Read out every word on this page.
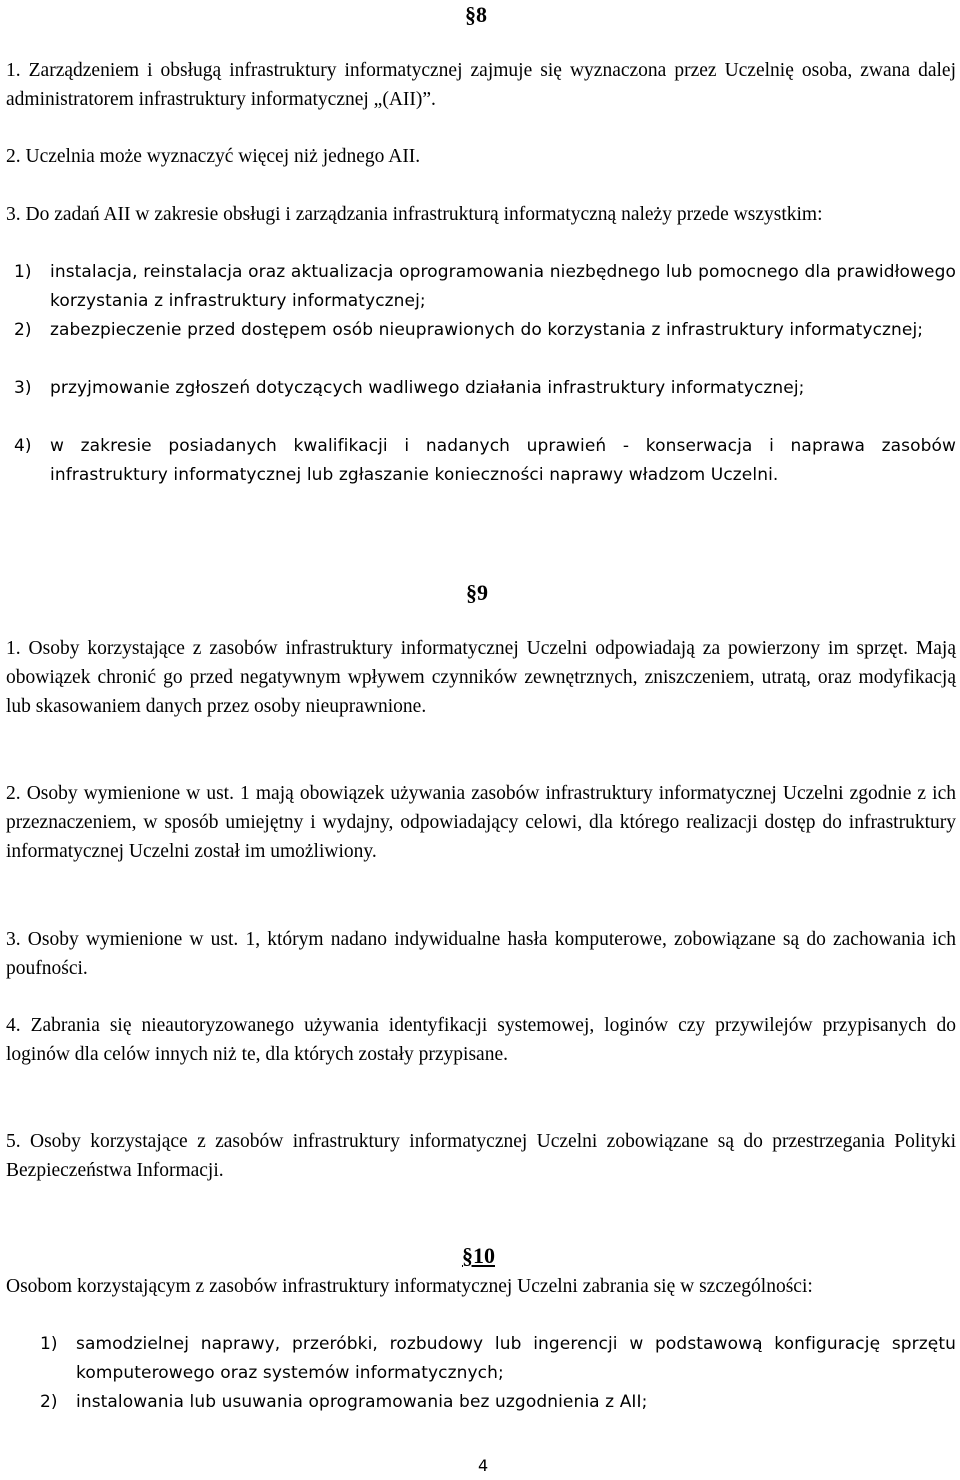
§8
1. Zarządzeniem i obsługą infrastruktury informatycznej zajmuje się wyznaczona przez Uczelnię osoba, zwana dalej administratorem infrastruktury informatycznej „(AII)”.
2. Uczelnia może wyznaczyć więcej niż jednego AII.
3. Do zadań AII w zakresie obsługi i zarządzania infrastrukturą informatyczną należy przede wszystkim:
1) instalacja, reinstalacja oraz aktualizacja oprogramowania niezbędnego lub pomocnego dla prawidłowego korzystania z infrastruktury informatycznej;
2) zabezpieczenie przed dostępem osób nieuprawionych do korzystania z infrastruktury informatycznej;
3) przyjmowanie zgłoszeń dotyczących wadliwego działania infrastruktury informatycznej;
4) w zakresie posiadanych kwalifikacji i nadanych uprawień - konserwacja i naprawa zasobów infrastruktury informatycznej lub zgłaszanie konieczności naprawy władzom Uczelni.
§9
1. Osoby korzystające z zasobów infrastruktury informatycznej Uczelni odpowiadają za powierzony im sprzęt. Mają obowiązek chronić go przed negatywnym wpływem czynników zewnętrznych, zniszczeniem, utratą, oraz modyfikacją lub skasowaniem danych przez osoby nieuprawnione.
2. Osoby wymienione w ust. 1 mają obowiązek używania zasobów infrastruktury informatycznej Uczelni zgodnie z ich przeznaczeniem, w sposób umiejętny i wydajny, odpowiadający celowi, dla którego realizacji dostęp do infrastruktury informatycznej Uczelni został im umożliwiony.
3. Osoby wymienione w ust. 1, którym nadano indywidualne hasła komputerowe, zobowiązane są do zachowania ich poufności.
4. Zabrania się nieautoryzowanego używania identyfikacji systemowej, loginów czy przywilejów przypisanych do loginów dla celów innych niż te, dla których zostały przypisane.
5. Osoby korzystające z zasobów infrastruktury informatycznej Uczelni zobowiązane są do przestrzegania Polityki Bezpieczeństwa Informacji.
§10
Osobom korzystającym z zasobów infrastruktury informatycznej Uczelni zabrania się w szczególności:
1) samodzielnej naprawy, przeróbki, rozbudowy lub ingerencji w podstawową konfigurację sprzętu komputerowego oraz systemów informatycznych;
2) instalowania lub usuwania oprogramowania bez uzgodnienia z AII;
4
